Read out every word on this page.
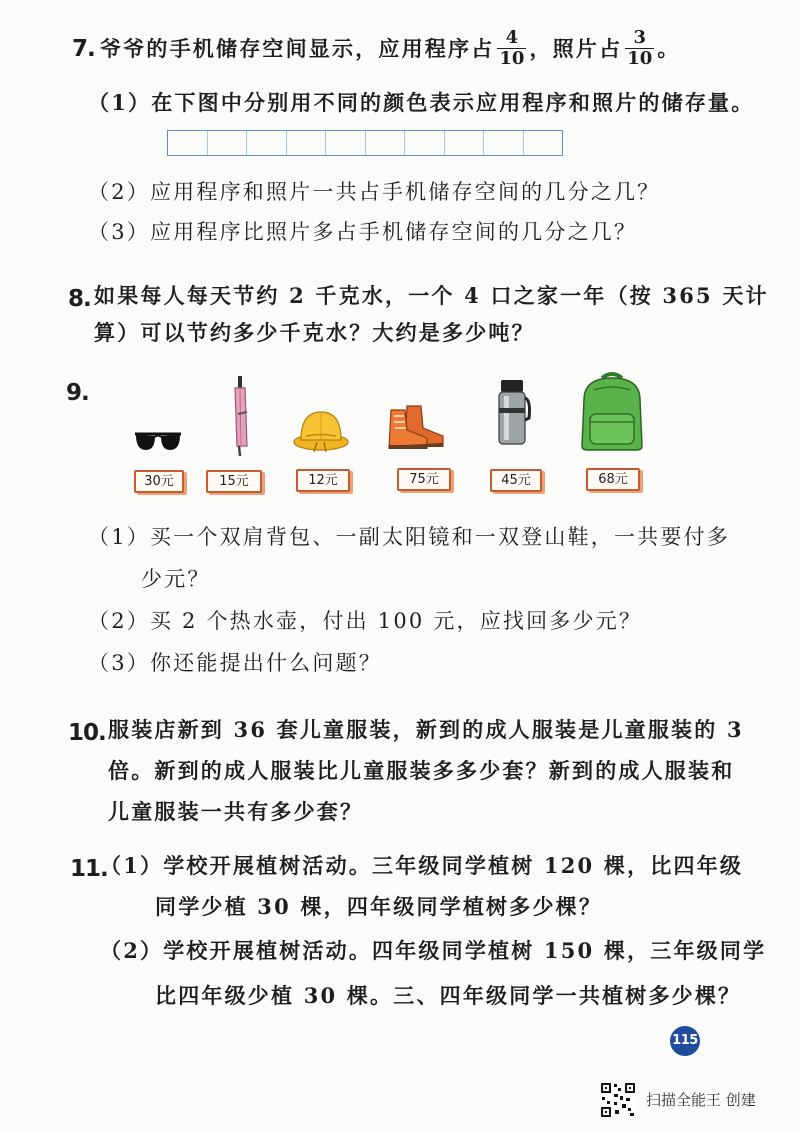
7. 爷爷的手机储存空间显示，应用程序占 $\frac{4}{10}$ ，照片占 $\frac{3}{10}$ 。
（1）在下图中分别用不同的颜色表示应用程序和照片的储存量。
（2）应用程序和照片一共占手机储存空间的几分之几？
（3）应用程序比照片多占手机储存空间的几分之几？
8. 如果每人每天节约 2 千克水，一个 4 口之家一年（按 365 天计
算）可以节约多少千克水？大约是多少吨？
9.
30元	15元	12元	75元	45元	68元
（1）买一个双肩背包、一副太阳镜和一双登山鞋，一共要付多
少元？
（2）买 2 个热水壶，付出 100 元，应找回多少元？
（3）你还能提出什么问题？
10. 服装店新到 36 套儿童服装，新到的成人服装是儿童服装的 3
倍。新到的成人服装比儿童服装多多少套？新到的成人服装和
儿童服装一共有多少套？
11.
（1）学校开展植树活动。三年级同学植树 120 棵，比四年级
同学少植 30 棵，四年级同学植树多少棵？
（2）学校开展植树活动。四年级同学植树 150 棵，三年级同学
比四年级少植 30 棵。三、四年级同学一共植树多少棵？
115
扫描全能王 创建
